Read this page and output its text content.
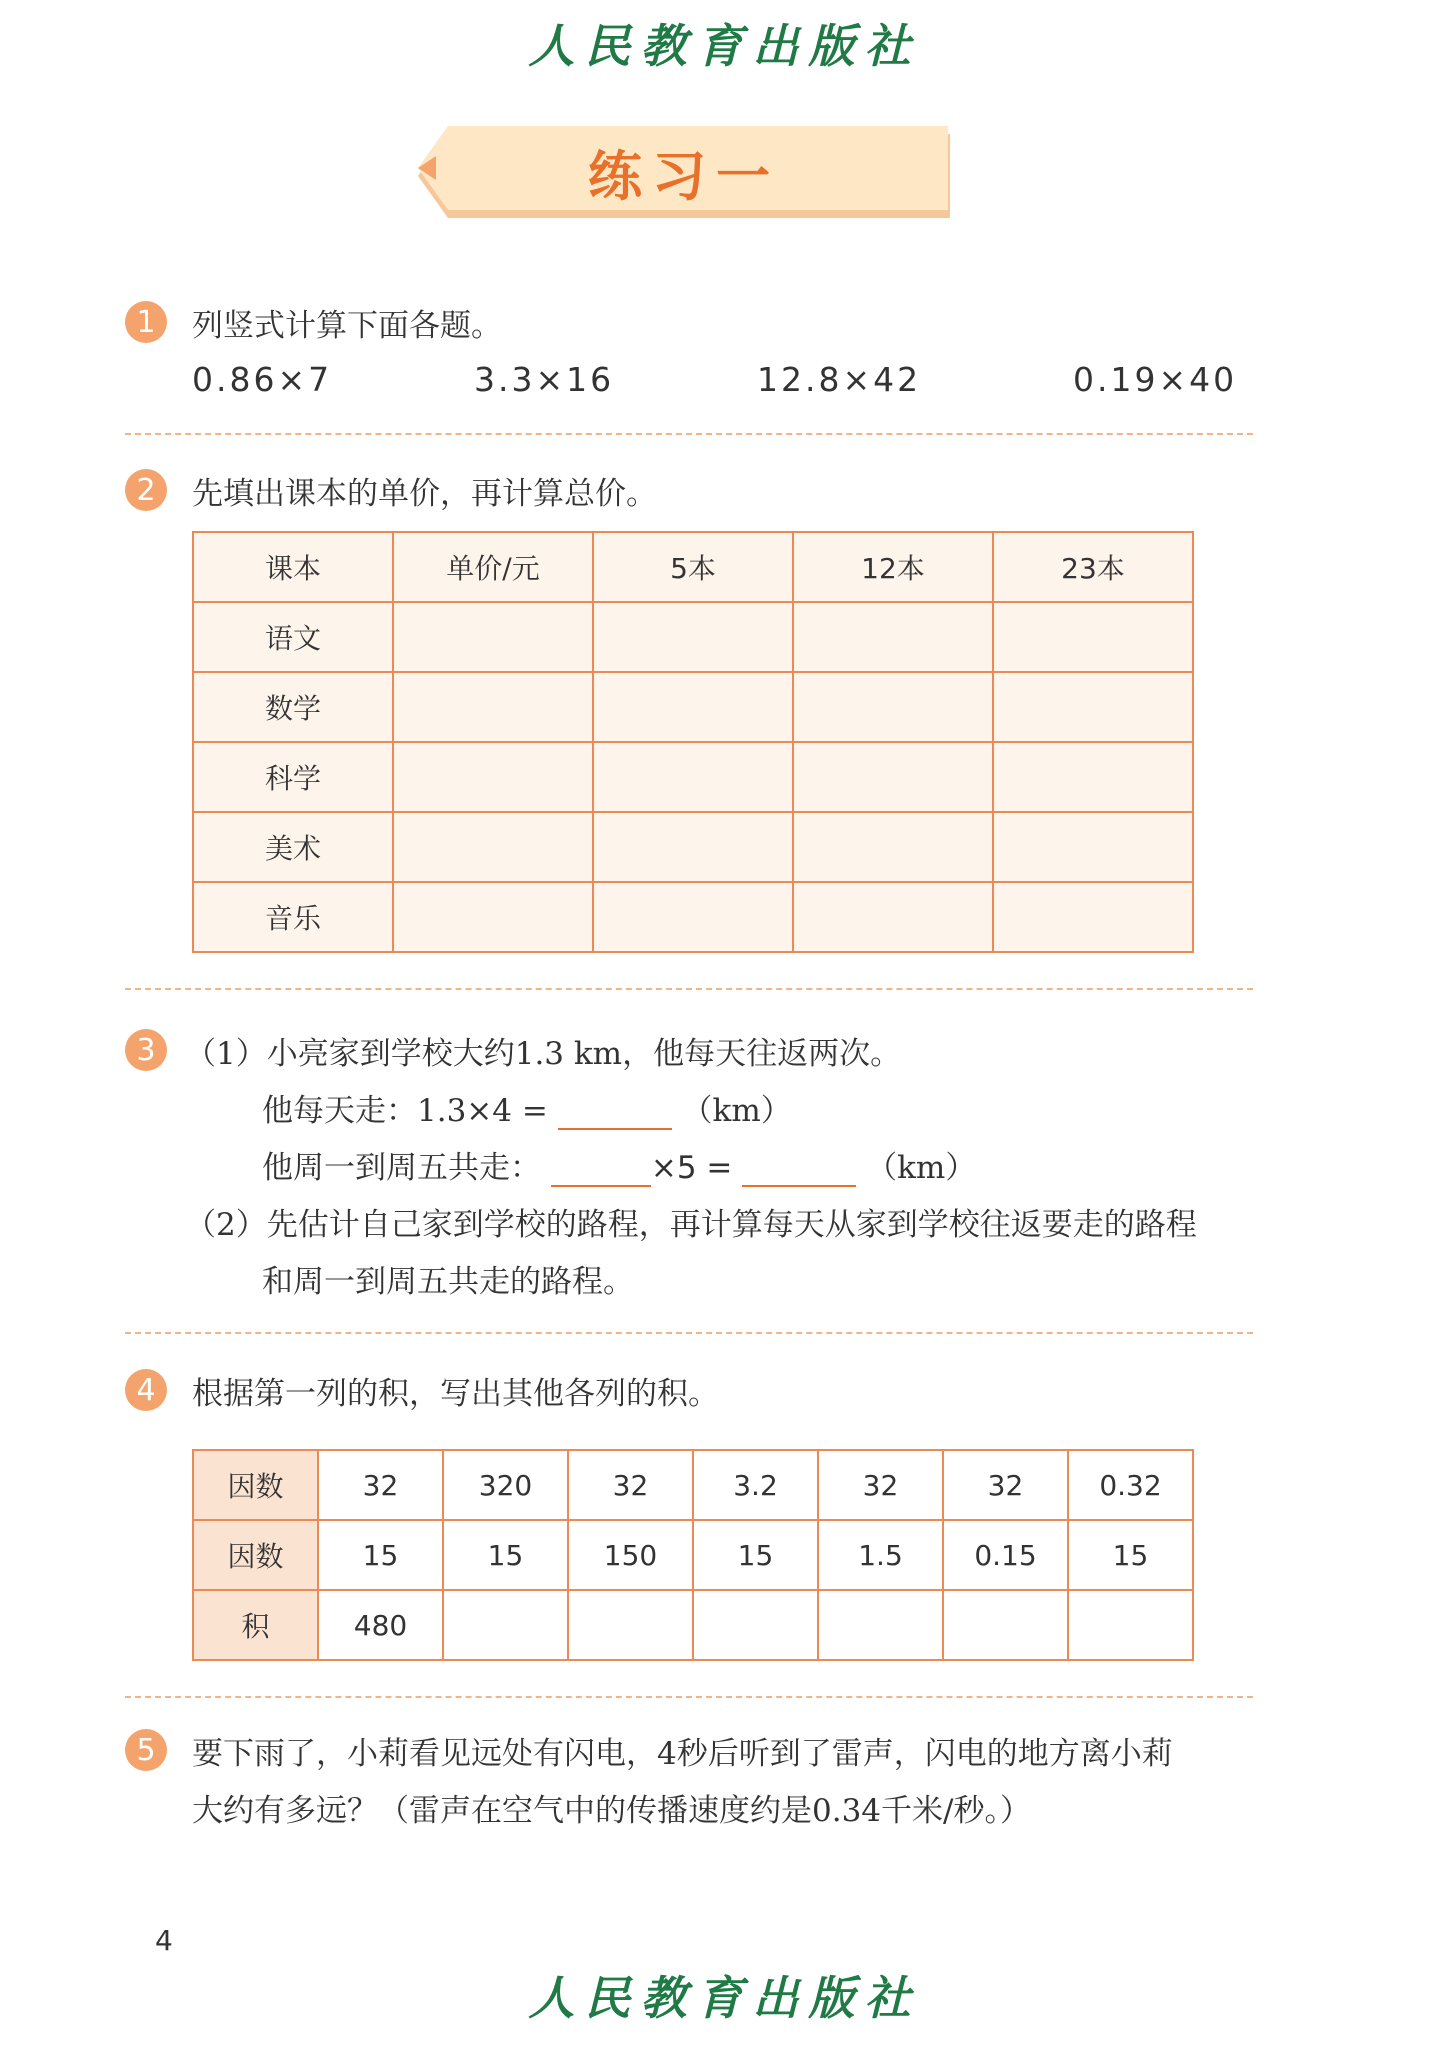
人民教育出版社
练习一
1	列竖式计算下面各题。
0.86×7	3.3×16	12.8×42	0.19×40
2	先填出课本的单价，再计算总价。
课本	单价/元	5本	12本	23本
语文				
数学				
科学				
美术				
音乐				
3 （1）小亮家到学校大约1.3 km，他每天往返两次。
他每天走：1.3×4 =	（km）
他周一到周五共走：	×5 =	（km）
（2）先估计自己家到学校的路程，再计算每天从家到学校往返要走的路程
和周一到周五共走的路程。
4	根据第一列的积，写出其他各列的积。
因数	32	320	32	3.2	32	32	0.32
因数	15	15	150	15	1.5	0.15	15
积	480						
5	要下雨了，小莉看见远处有闪电，4秒后听到了雷声，闪电的地方离小莉
大约有多远？（雷声在空气中的传播速度约是0.34千米/秒。）
4
人民教育出版社
